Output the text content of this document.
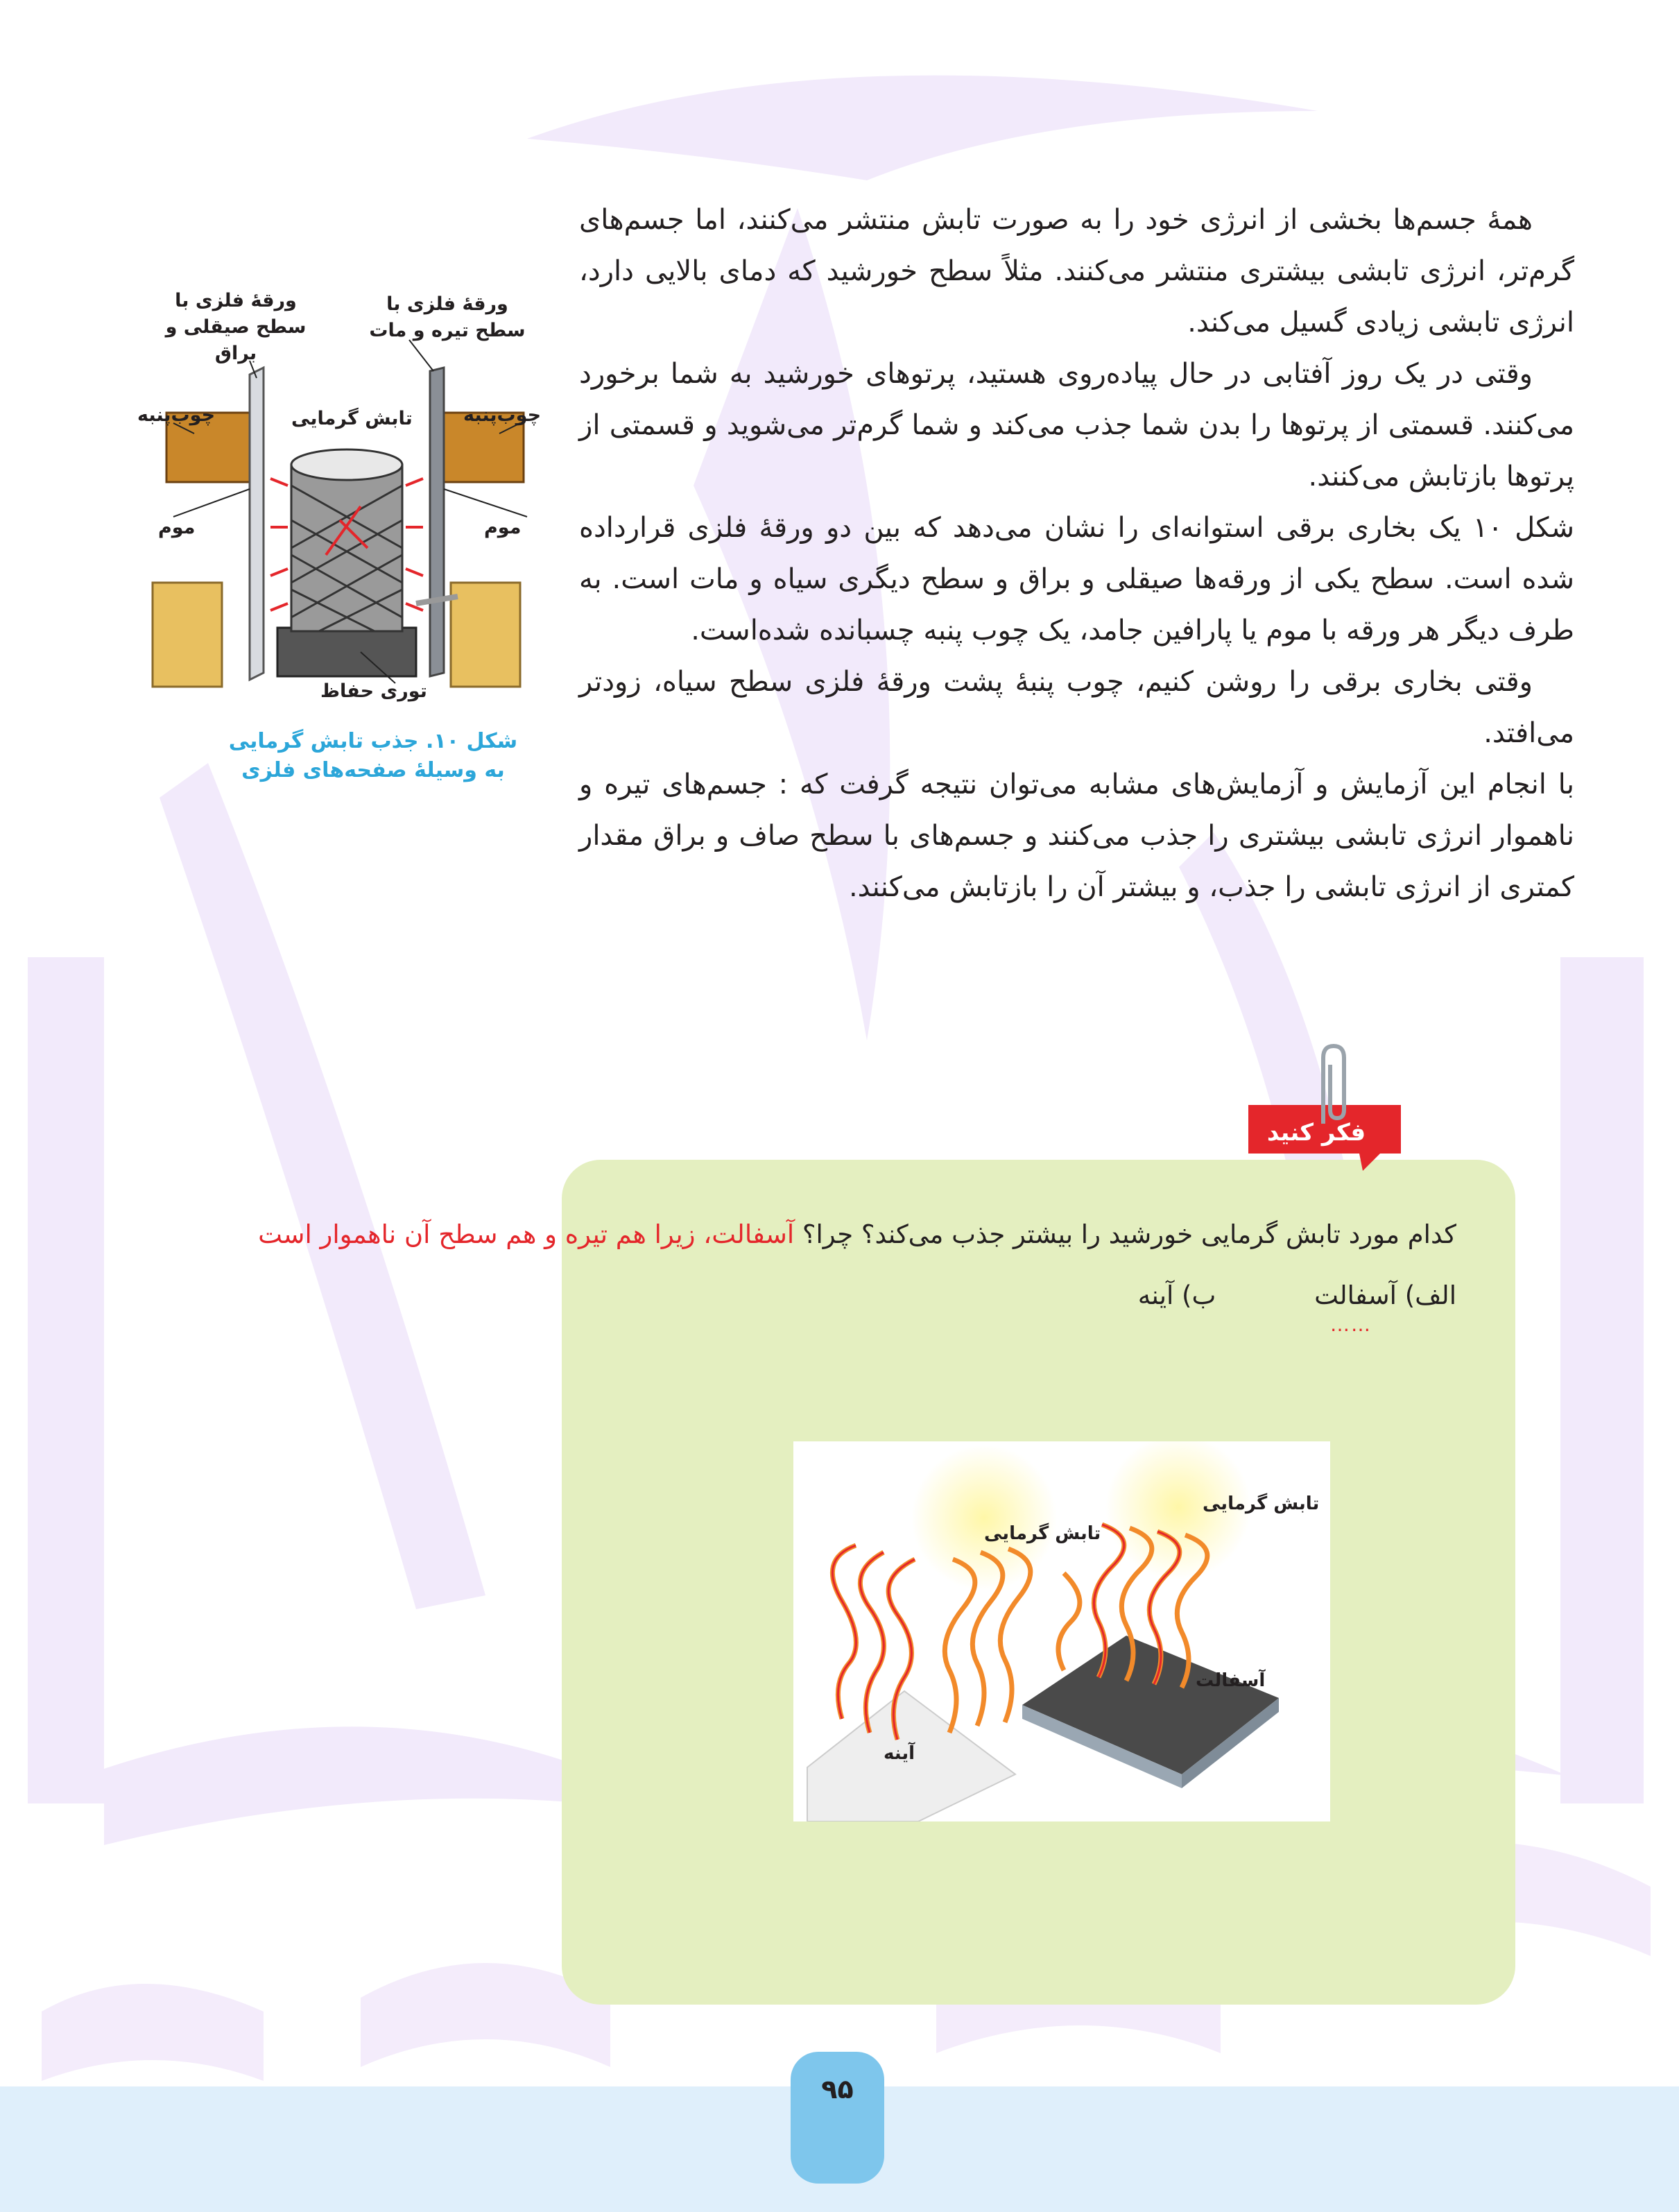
همهٔ جسم‌ها بخشی از انرژی خود را به صورت تابش منتشر می‌کنند، اما جسم‌های گرم‌تر، انرژی تابشی بیشتری منتشر می‌کنند. مثلاً سطح خورشید که دمای بالایی دارد، انرژی تابشی زیادی گسیل می‌کند.

وقتی در یک روز آفتابی در حال پیاده‌روی هستید، پرتوهای خورشید به شما برخورد می‌کنند. قسمتی از پرتوها را بدن شما جذب می‌کند و شما گرم‌تر می‌شوید و قسمتی از پرتوها بازتابش می‌کنند.

شکل ۱۰ یک بخاری برقی استوانه‌ای را نشان می‌دهد که بین دو ورقهٔ فلزی قرارداده شده است. سطح یکی از ورقه‌ها صیقلی و براق و سطح دیگری سیاه و مات است. به طرف دیگر هر ورقه با موم یا پارافین جامد، یک چوب پنبه چسبانده شده‌است.

وقتی بخاری برقی را روشن کنیم، چوب پنبهٔ پشت ورقهٔ فلزی سطح سیاه، زودتر می‌افتد.

با انجام این آزمایش و آزمایش‌های مشابه می‌توان نتیجه گرفت که : جسم‌های تیره و ناهموار انرژی تابشی بیشتری را جذب می‌کنند و جسم‌های با سطح صاف و براق مقدار کمتری از انرژی تابشی را جذب، و بیشتر آن را بازتابش می‌کنند.

ورقهٔ فلزی با سطح صیقلی و براق
ورقهٔ فلزی با سطح تیره و مات
چوب‌پنبه	چوب‌پنبه
تابش گرمایی
موم	موم
توری حفاظ
شکل ۱۰. جذب تابش گرمایی به وسیلهٔ صفحه‌های فلزی
فکر کنید
کدام مورد تابش گرمایی خورشید را بیشتر جذب می‌کند؟ چرا؟ آسفالت، زیرا هم تیره و هم سطح آن ناهموار است
الف) آسفالت ب) آینه
……
تابش گرمایی
تابش گرمایی
آسفالت
آینه
۹۵
